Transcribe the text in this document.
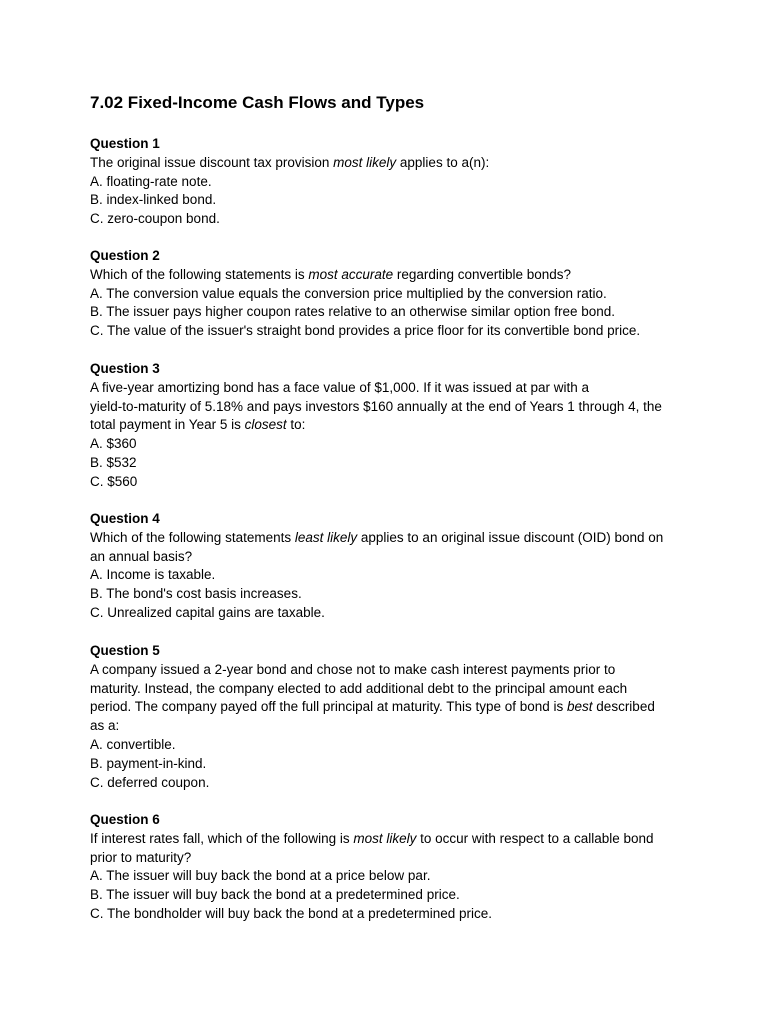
7.02 Fixed-Income Cash Flows and Types
Question 1
The original issue discount tax provision most likely applies to a(n):
A. floating-rate note.
B. index-linked bond.
C. zero-coupon bond.
Question 2
Which of the following statements is most accurate regarding convertible bonds?
A. The conversion value equals the conversion price multiplied by the conversion ratio.
B. The issuer pays higher coupon rates relative to an otherwise similar option free bond.
C. The value of the issuer's straight bond provides a price floor for its convertible bond price.
Question 3
A five-year amortizing bond has a face value of $1,000. If it was issued at par with a
yield-to-maturity of 5.18% and pays investors $160 annually at the end of Years 1 through 4, the
total payment in Year 5 is closest to:
A. $360
B. $532
C. $560
Question 4
Which of the following statements least likely applies to an original issue discount (OID) bond on
an annual basis?
A. Income is taxable.
B. The bond's cost basis increases.
C. Unrealized capital gains are taxable.
Question 5
A company issued a 2-year bond and chose not to make cash interest payments prior to
maturity. Instead, the company elected to add additional debt to the principal amount each
period. The company payed off the full principal at maturity. This type of bond is best described
as a:
A. convertible.
B. payment-in-kind.
C. deferred coupon.
Question 6
If interest rates fall, which of the following is most likely to occur with respect to a callable bond
prior to maturity?
A. The issuer will buy back the bond at a price below par.
B. The issuer will buy back the bond at a predetermined price.
C. The bondholder will buy back the bond at a predetermined price.
